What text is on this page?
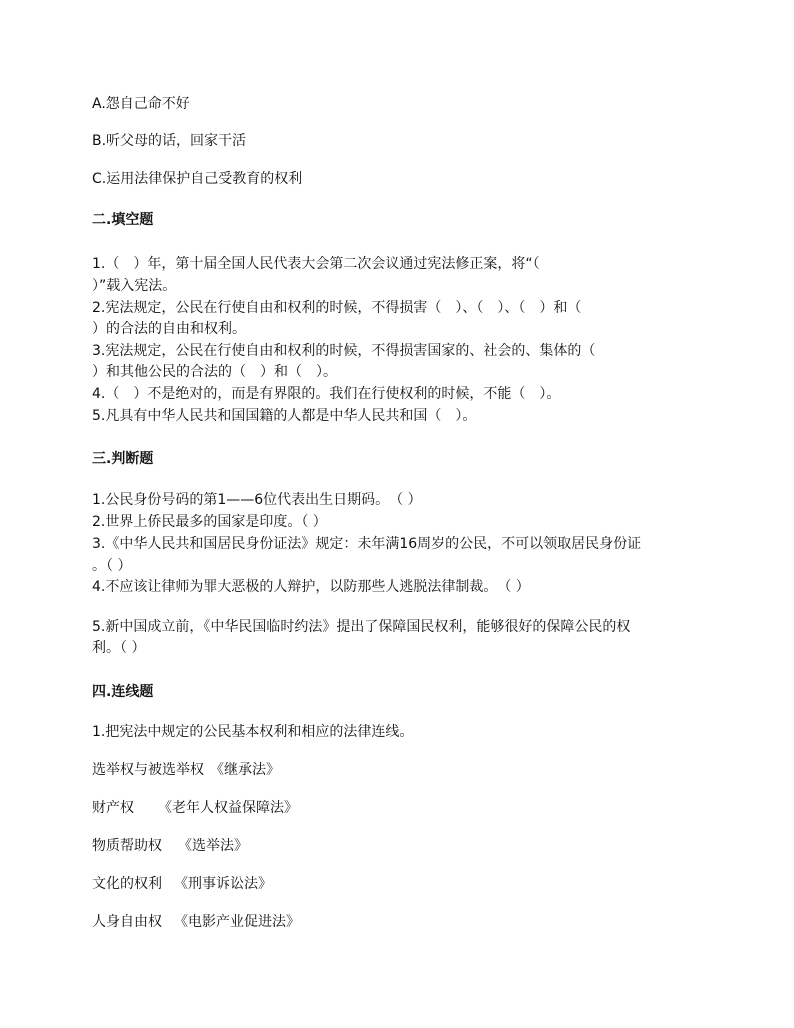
A.怨自己命不好
B.听父母的话，回家干活
C.运用法律保护自己受教育的权利
二.填空题
1.（　）年，第十届全国人民代表大会第二次会议通过宪法修正案，将“（
）”载入宪法。
2.宪法规定，公民在行使自由和权利的时候，不得损害（　）、（　）、（　）和（
）的合法的自由和权利。
3.宪法规定，公民在行使自由和权利的时候，不得损害国家的、社会的、集体的（
）和其他公民的合法的（　）和（　）。
4.（　）不是绝对的，而是有界限的。我们在行使权利的时候，不能（　）。
5.凡具有中华人民共和国国籍的人都是中华人民共和国（　）。
三.判断题
1.公民身份号码的第1——6位代表出生日期码。　（ ）
2.世界上侨民最多的国家是印度。（ ）
3.《中华人民共和国居民身份证法》规定：未年满16周岁的公民，不可以领取居民身份证
。（ ）
4.不应该让律师为罪大恶极的人辩护，以防那些人逃脱法律制裁。　（ ）
5.新中国成立前，《中华民国临时约法》提出了保障国民权利，能够很好的保障公民的权
利。（ ）
四.连线题
1.把宪法中规定的公民基本权利和相应的法律连线。
选举权与被选举权 《继承法》
财产权 《老年人权益保障法》
物质帮助权 《选举法》
文化的权利 《刑事诉讼法》
人身自由权 《电影产业促进法》
